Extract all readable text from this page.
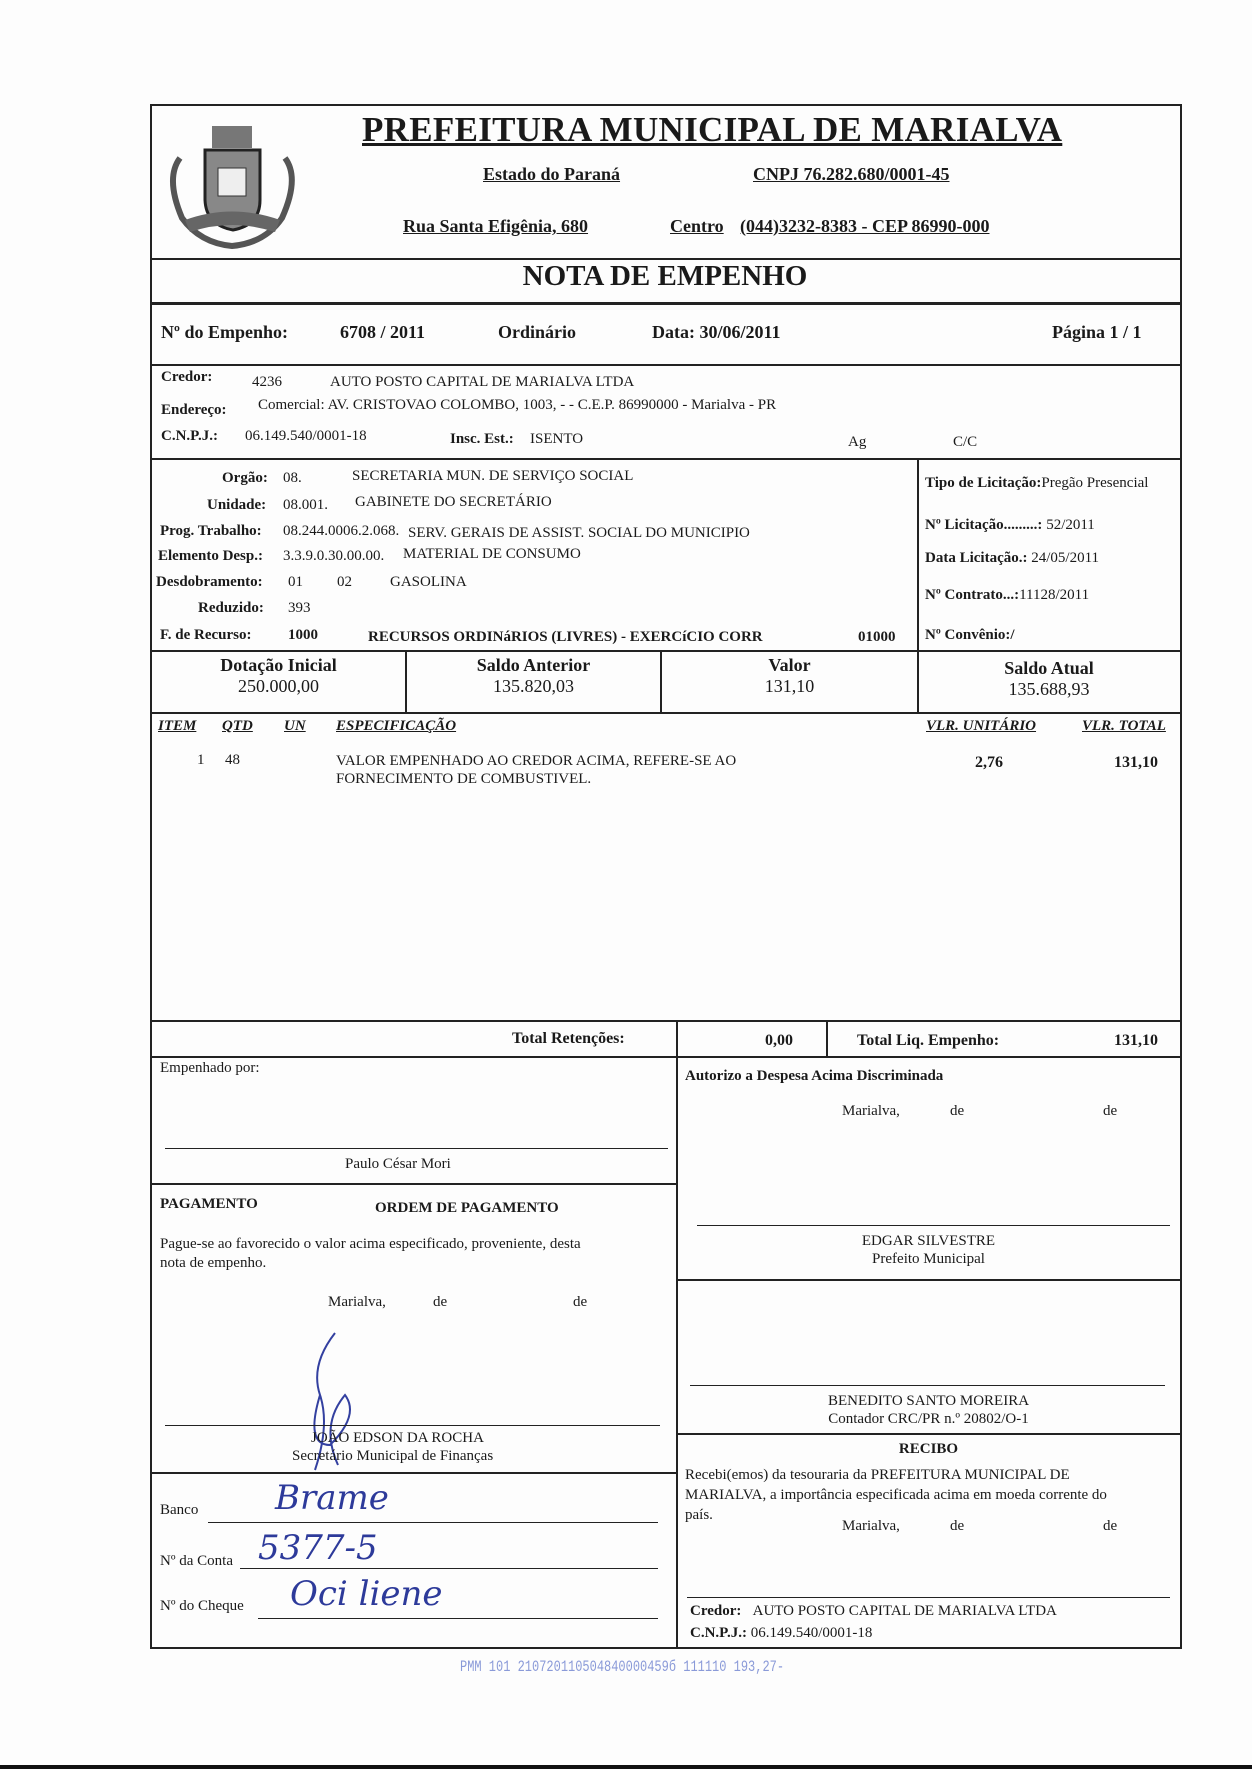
PREFEITURA MUNICIPAL DE MARIALVA
Estado do Paraná	CNPJ 76.282.680/0001-45
Rua Santa Efigênia, 680	Centro (044)3232-8383 - CEP 86990-000
NOTA DE EMPENHO
Nº do Empenho:	6708 / 2011	Ordinário	Data: 30/06/2011	Página 1 / 1
Credor:	4236	AUTO POSTO CAPITAL DE MARIALVA LTDA
Endereço: Comercial: AV. CRISTOVAO COLOMBO, 1003, - - C.E.P. 86990000 - Marialva - PR
C.N.P.J.: 06.149.540/0001-18	Insc. Est.: ISENTO	Ag	C/C
Orgão: 08.	SECRETARIA MUN. DE SERVIÇO SOCIAL
Unidade: 08.001. GABINETE DO SECRETÁRIO
Prog. Trabalho: 08.244.0006.2.068. SERV. GERAIS DE ASSIST. SOCIAL DO MUNICIPIO
Elemento Desp.: 3.3.9.0.30.00.00. MATERIAL DE CONSUMO
Desdobramento: 01 02	GASOLINA
Reduzido: 393
F. de Recurso: 1000	RECURSOS ORDINáRIOS (LIVRES) - EXERCíCIO CORR	01000
Tipo de Licitação:Pregão Presencial
Nº Licitação.........: 52/2011
Data Licitação.: 24/05/2011
Nº Contrato...:11128/2011
Nº Convênio:/
Dotação Inicial
250.000,00
Saldo Anterior
135.820,03
Valor
131,10
Saldo Atual
135.688,93
ITEM QTD UN ESPECIFICAÇÃO	VLR. UNITÁRIO	VLR. TOTAL
1 48	VALOR EMPENHADO AO CREDOR ACIMA, REFERE-SE AO
FORNECIMENTO DE COMBUSTIVEL.
2,76	131,10
Total Retenções:	0,00	Total Liq. Empenho:	131,10
Empenhado por:
Paulo César Mori
PAGAMENTO	ORDEM DE PAGAMENTO
Pague-se ao favorecido o valor acima especificado, proveniente, desta
nota de empenho.
Marialva,	de	de
JOÃO EDSON DA ROCHA
Secretário Municipal de Finanças
Banco Brame
Nº da Conta 5377-5
Nº do Cheque Oci liene
Autorizo a Despesa Acima Discriminada
Marialva,	de	de
EDGAR SILVESTRE
Prefeito Municipal
BENEDITO SANTO MOREIRA
Contador CRC/PR n.º 20802/O-1
RECIBO
Recebi(emos) da tesouraria da PREFEITURA MUNICIPAL DE
MARIALVA, a importância especificada acima em moeda corrente do
país.
Marialva,	de	de
Credor: AUTO POSTO CAPITAL DE MARIALVA LTDA
C.N.P.J.: 06.149.540/0001-18
PMM 101 210720110504840000459б 111110 193,27-
